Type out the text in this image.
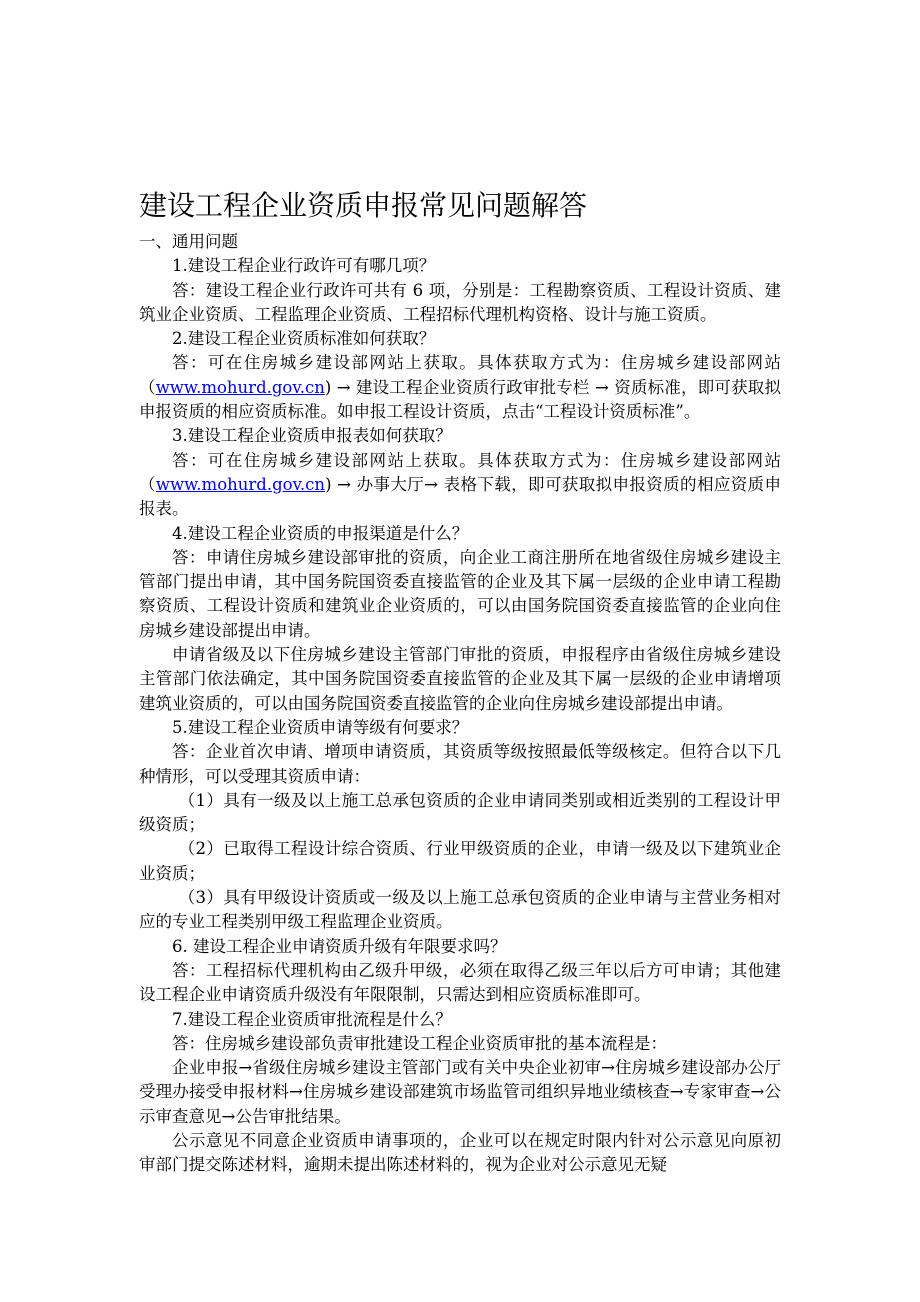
建设工程企业资质申报常见问题解答

一、通用问题

1.建设工程企业行政许可有哪几项？

答：建设工程企业行政许可共有 6 项，分别是：工程勘察资质、工程设计资质、建筑业企业资质、工程监理企业资质、工程招标代理机构资格、设计与施工资质。

2.建设工程企业资质标准如何获取？

答：可在住房城乡建设部网站上获取。具体获取方式为：住房城乡建设部网站（www.mohurd.gov.cn) → 建设工程企业资质行政审批专栏 → 资质标准，即可获取拟申报资质的相应资质标准。如申报工程设计资质，点击“工程设计资质标准”。

3.建设工程企业资质申报表如何获取？

答：可在住房城乡建设部网站上获取。具体获取方式为：住房城乡建设部网站（www.mohurd.gov.cn) → 办事大厅→ 表格下载，即可获取拟申报资质的相应资质申报表。

4.建设工程企业资质的申报渠道是什么？

答：申请住房城乡建设部审批的资质，向企业工商注册所在地省级住房城乡建设主管部门提出申请，其中国务院国资委直接监管的企业及其下属一层级的企业申请工程勘察资质、工程设计资质和建筑业企业资质的，可以由国务院国资委直接监管的企业向住房城乡建设部提出申请。

申请省级及以下住房城乡建设主管部门审批的资质，申报程序由省级住房城乡建设主管部门依法确定，其中国务院国资委直接监管的企业及其下属一层级的企业申请增项建筑业资质的，可以由国务院国资委直接监管的企业向住房城乡建设部提出申请。

5.建设工程企业资质申请等级有何要求？

答：企业首次申请、增项申请资质，其资质等级按照最低等级核定。但符合以下几种情形，可以受理其资质申请：

（1）具有一级及以上施工总承包资质的企业申请同类别或相近类别的工程设计甲级资质；

（2）已取得工程设计综合资质、行业甲级资质的企业，申请一级及以下建筑业企业资质；

（3）具有甲级设计资质或一级及以上施工总承包资质的企业申请与主营业务相对应的专业工程类别甲级工程监理企业资质。

6. 建设工程企业申请资质升级有年限要求吗？

答：工程招标代理机构由乙级升甲级，必须在取得乙级三年以后方可申请；其他建设工程企业申请资质升级没有年限限制，只需达到相应资质标准即可。

7.建设工程企业资质审批流程是什么？

答：住房城乡建设部负责审批建设工程企业资质审批的基本流程是：

企业申报→省级住房城乡建设主管部门或有关中央企业初审→住房城乡建设部办公厅受理办接受申报材料→住房城乡建设部建筑市场监管司组织异地业绩核查→专家审查→公示审查意见→公告审批结果。

公示意见不同意企业资质申请事项的，企业可以在规定时限内针对公示意见向原初审部门提交陈述材料，逾期未提出陈述材料的，视为企业对公示意见无疑
